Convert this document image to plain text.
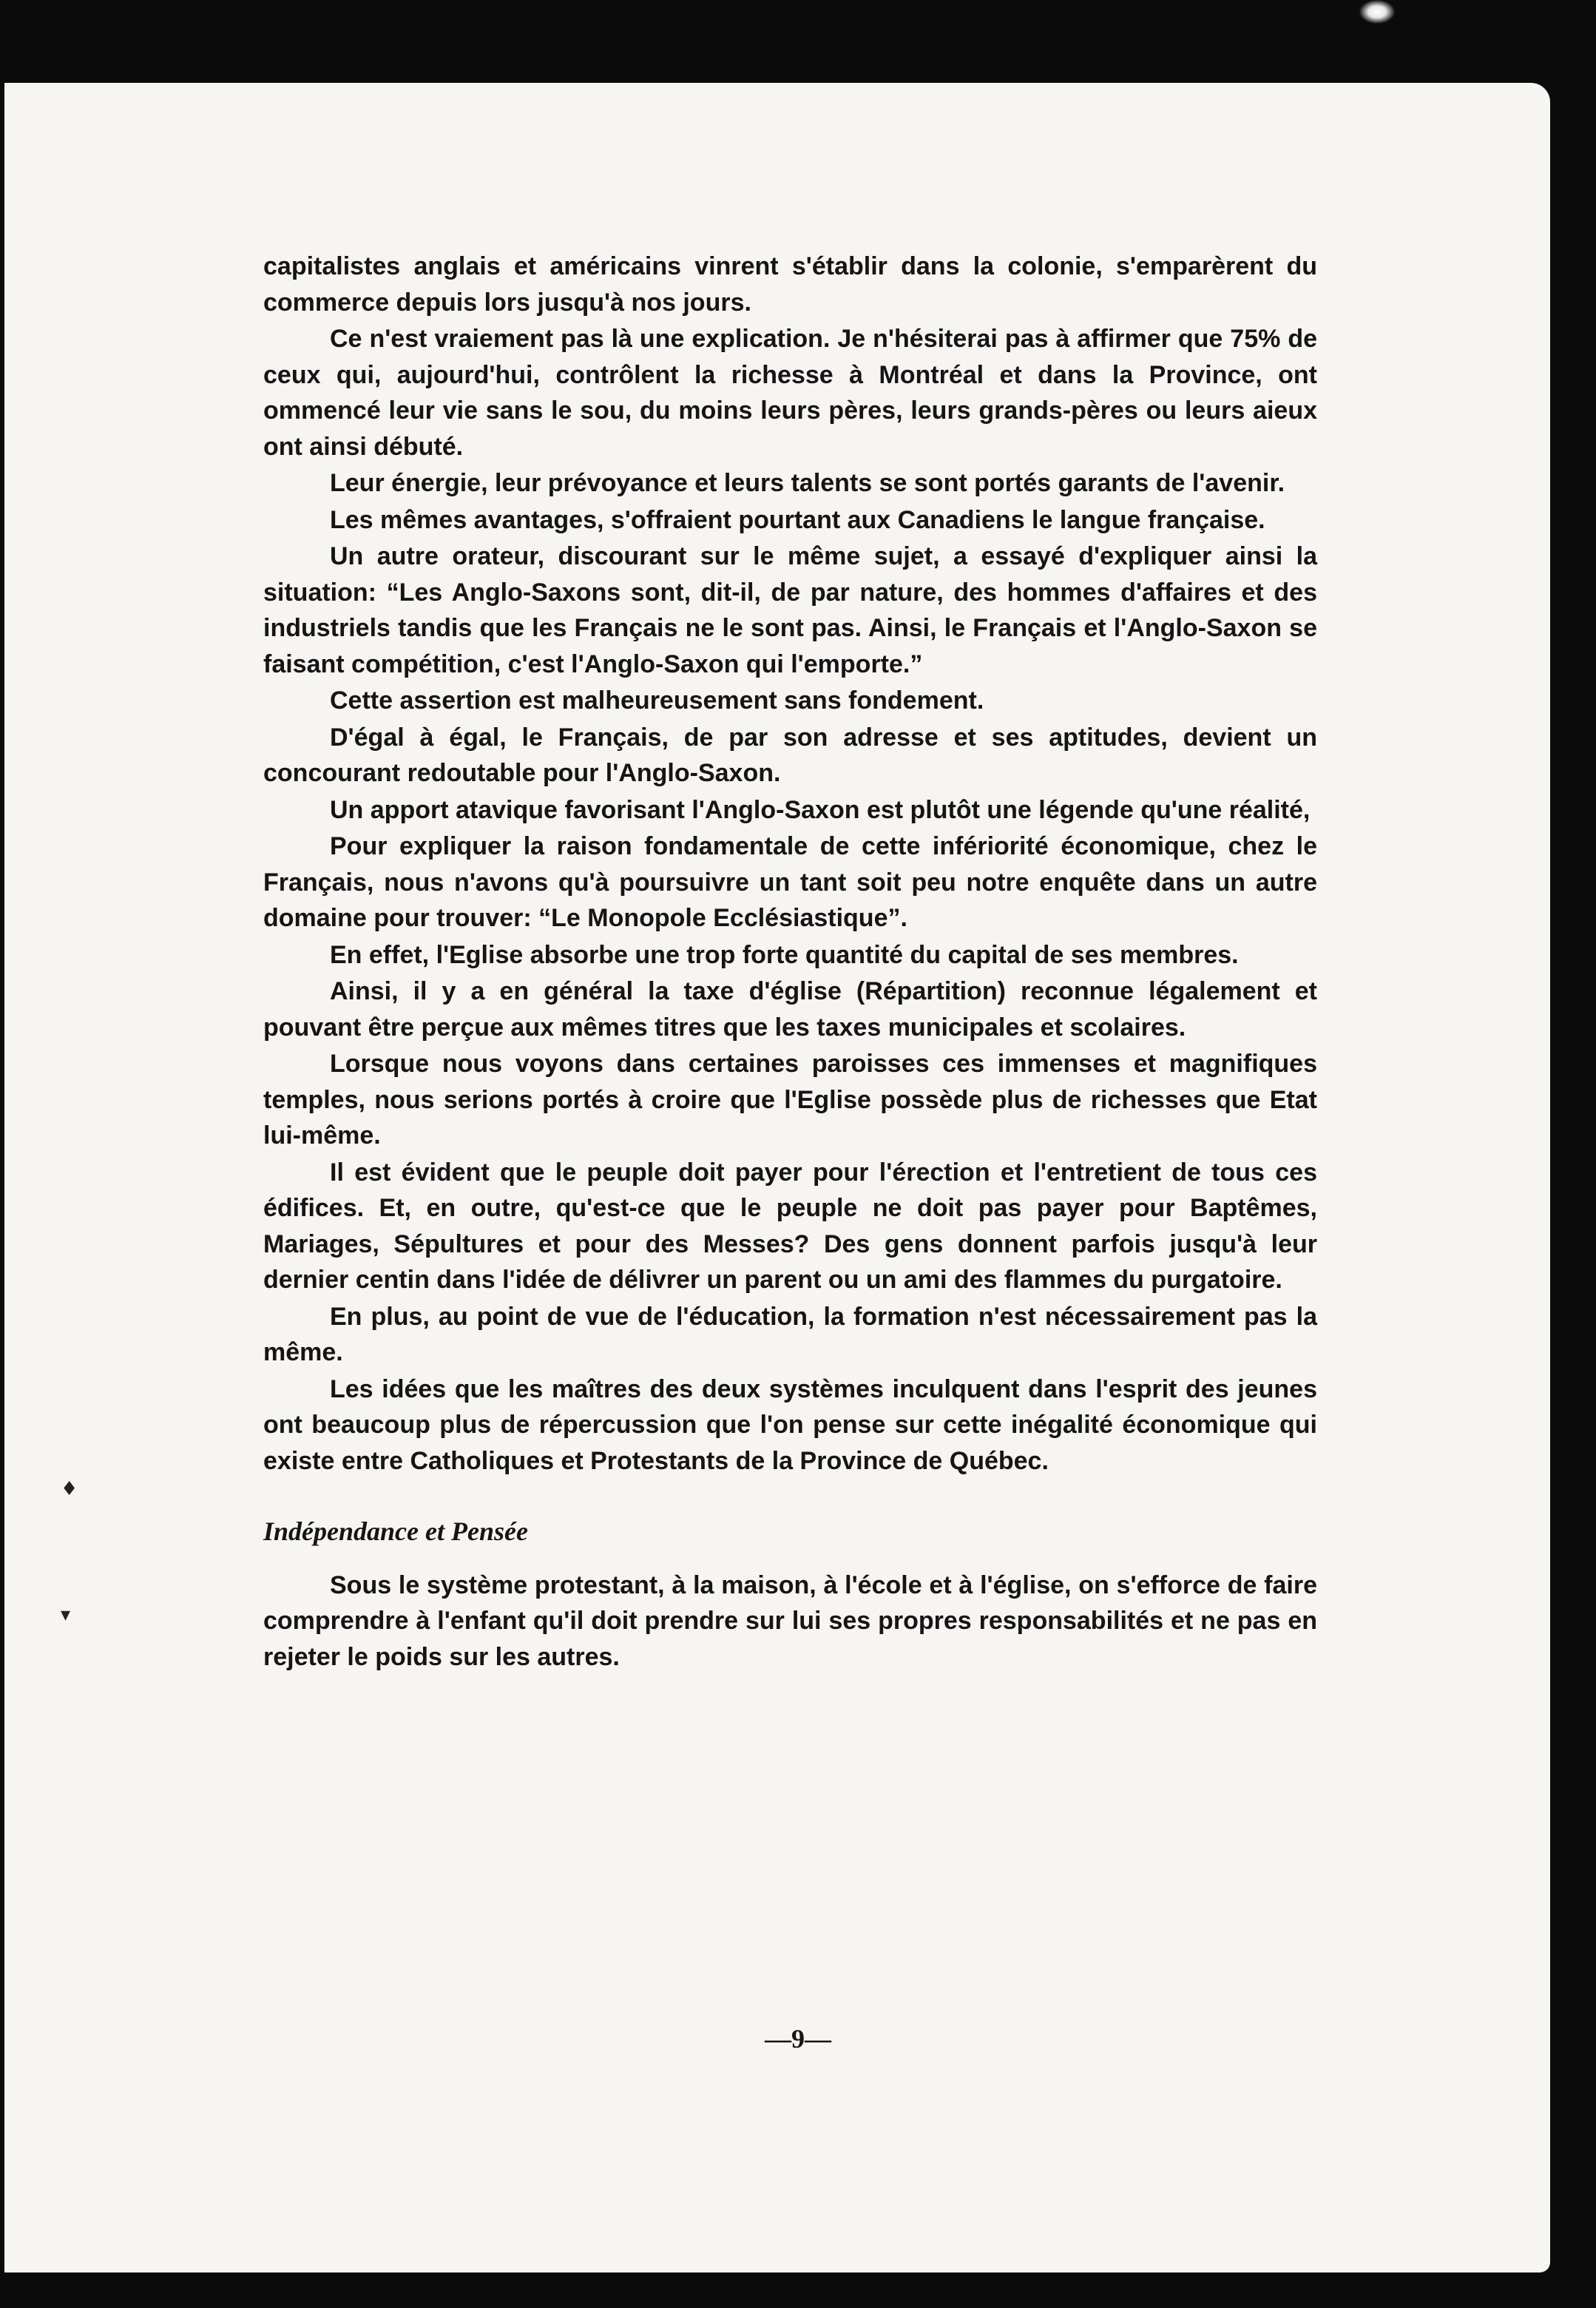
♦
▾

capitalistes anglais et américains vinrent s'établir dans la colonie, s'emparèrent du commerce depuis lors jusqu'à nos jours.

Ce n'est vraiement pas là une explication. Je n'hésiterai pas à affirmer que 75% de ceux qui, aujourd'hui, contrôlent la richesse à Montréal et dans la Province, ont ommencé leur vie sans le sou, du moins leurs pères, leurs grands-pères ou leurs aieux ont ainsi débuté.

Leur énergie, leur prévoyance et leurs talents se sont portés garants de l'avenir.

Les mêmes avantages, s'offraient pourtant aux Canadiens le langue française.

Un autre orateur, discourant sur le même sujet, a essayé d'expliquer ainsi la situation: “Les Anglo-Saxons sont, dit-il, de par nature, des hommes d'affaires et des industriels tandis que les Français ne le sont pas. Ainsi, le Français et l'Anglo-Saxon se faisant compétition, c'est l'Anglo-Saxon qui l'emporte.”

Cette assertion est malheureusement sans fondement.

D'égal à égal, le Français, de par son adresse et ses aptitudes, devient un concourant redoutable pour l'Anglo-Saxon.

Un apport atavique favorisant l'Anglo-Saxon est plutôt une légende qu'une réalité,

Pour expliquer la raison fondamentale de cette infériorité économique, chez le Français, nous n'avons qu'à poursuivre un tant soit peu notre enquête dans un autre domaine pour trouver: “Le Monopole Ecclésiastique”.

En effet, l'Eglise absorbe une trop forte quantité du capital de ses membres.

Ainsi, il y a en général la taxe d'église (Répartition) reconnue légalement et pouvant être perçue aux mêmes titres que les taxes municipales et scolaires.

Lorsque nous voyons dans certaines paroisses ces immenses et magnifiques temples, nous serions portés à croire que l'Eglise possède plus de richesses que Etat lui-même.

Il est évident que le peuple doit payer pour l'érection et l'entretient de tous ces édifices. Et, en outre, qu'est-ce que le peuple ne doit pas payer pour Baptêmes, Mariages, Sépultures et pour des Messes? Des gens donnent parfois jusqu'à leur dernier centin dans l'idée de délivrer un parent ou un ami des flammes du purgatoire.

En plus, au point de vue de l'éducation, la formation n'est nécessairement pas la même.

Les idées que les maîtres des deux systèmes inculquent dans l'esprit des jeunes ont beaucoup plus de répercussion que l'on pense sur cette inégalité économique qui existe entre Catholiques et Protestants de la Province de Québec.

Indépendance et Pensée

Sous le système protestant, à la maison, à l'école et à l'église, on s'efforce de faire comprendre à l'enfant qu'il doit prendre sur lui ses propres responsabilités et ne pas en rejeter le poids sur les autres.

—9—
